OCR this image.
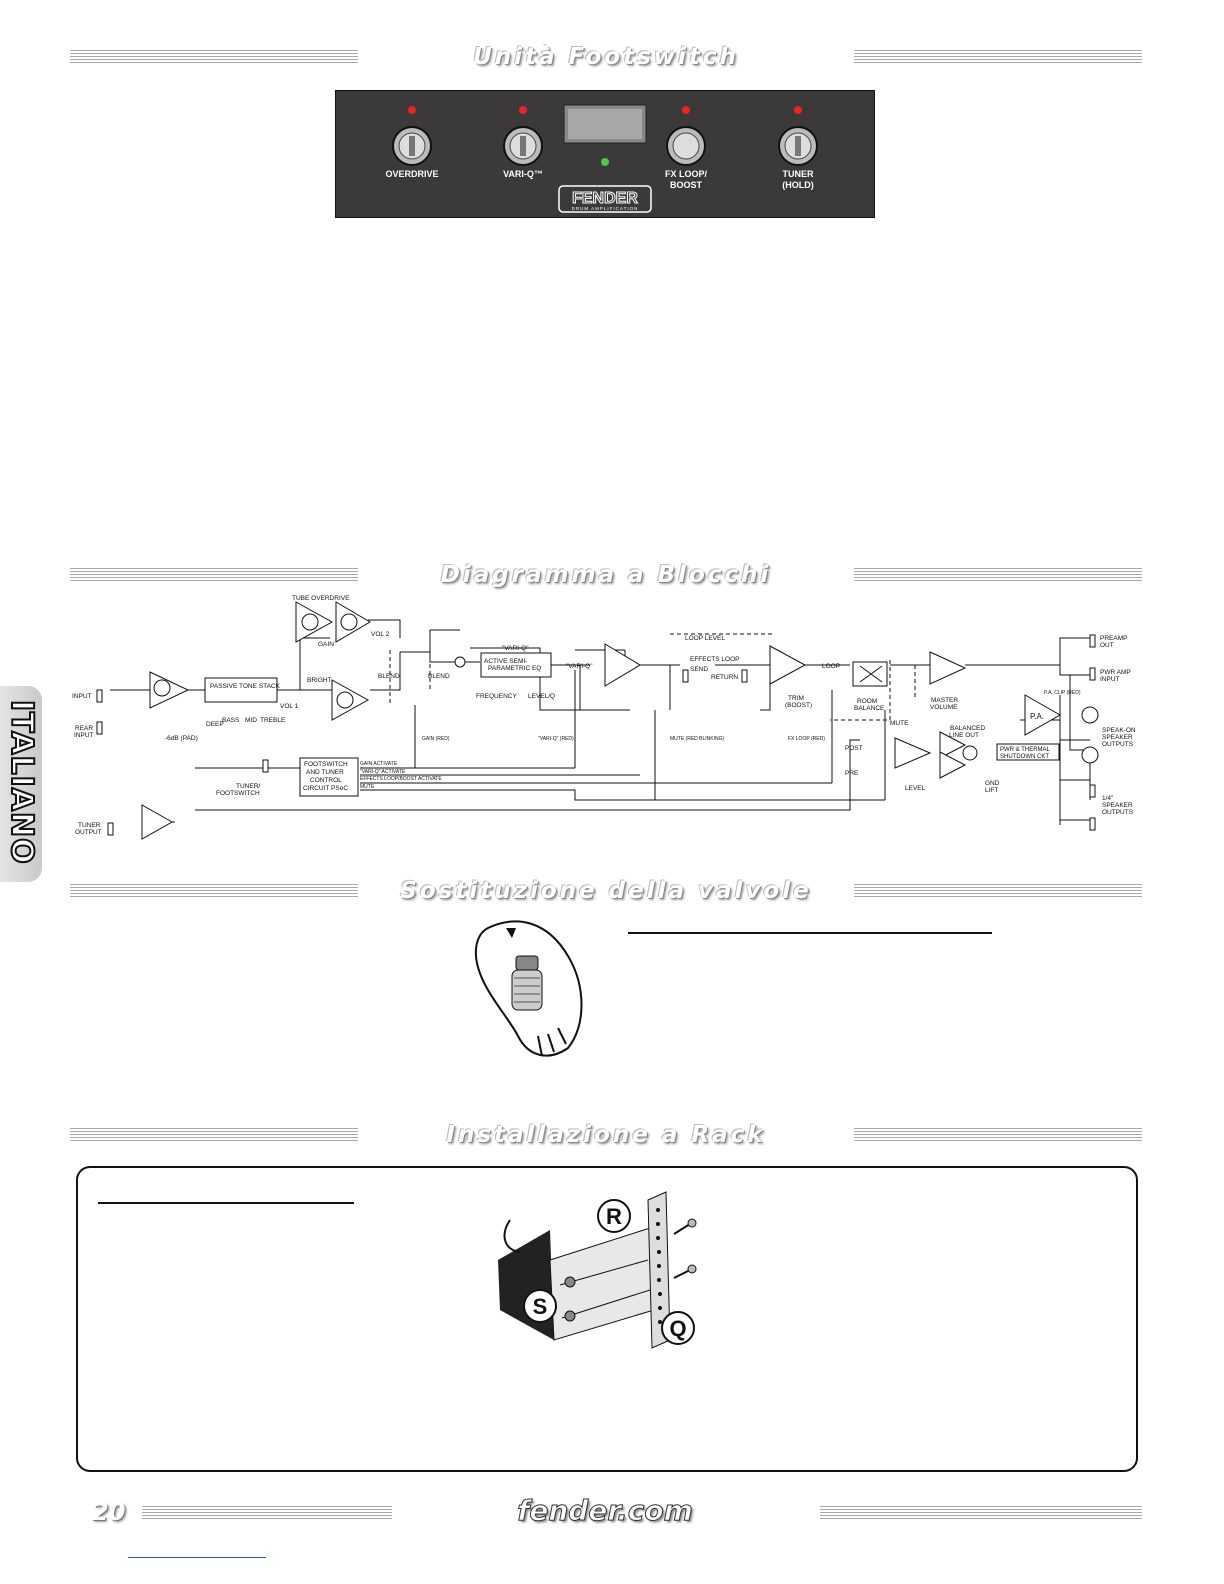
Unità Footswitch
Diagramma a Blocchi
Sostituzione della valvole
Installazione a Rack
ITALIANO
OVERDRIVE	VARI-Q™	FX LOOP/ BOOST
TUNER (HOLD)
FENDER
DRUM AMPLIFICATION
TUBE OVERDRIVE
GAIN
VOL 2
INPUT
REAR INPUT	-6dB (PAD)
PASSIVE TONE STACK
DEEP
BASS MID TREBLE
BRIGHT
VOL 1
BLEND	BLEND
"VARI-Q"
ACTIVE SEMI-PARAMETRIC EQ
FREQUENCY LEVEL/Q
"VARI-Q"
LOOP LEVEL
EFFECTS LOOP
SEND
RETURN
TRIM (BOOST)
LOOP
ROOM BALANCE
MASTER VOLUME
MUTE
POST
PRE
LEVEL
BALANCED LINE OUT
GND LIFT
PREAMP OUT
PWR AMP INPUT
P.A.
P.A. CLIP (RED)
PWR & THERMAL SHUTDOWN CKT
SPEAK-ON SPEAKER OUTPUTS
1/4" SPEAKER OUTPUTS
FOOTSWITCH AND TUNER CONTROL CIRCUIT PSoC
GAIN ACTIVATE
"VARI-Q" ACTIVATE
EFFECTS LOOP/BOOST ACTIVATE
MUTE
TUNER/ FOOTSWITCH
TUNER OUTPUT
GAIN (RED)	"VARI-Q" (RED)	MUTE (RED BLINKING)	FX LOOP (RED)
R
S
Q
20	fender.com
